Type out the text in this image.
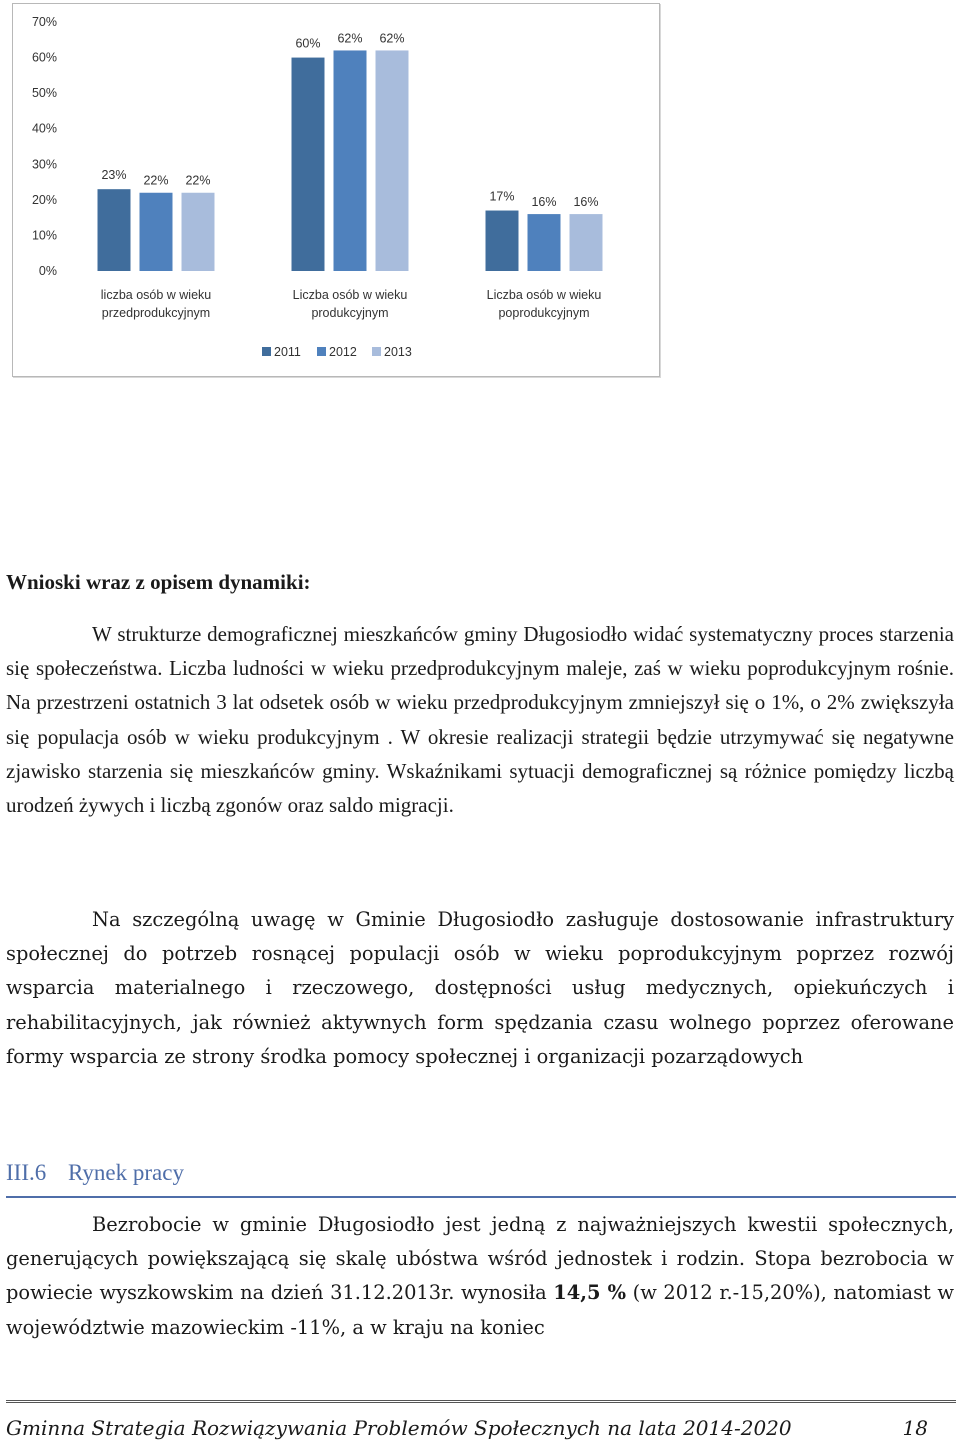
0%
10%
20%
30%
40%
50%
60%
70%
23% 22% 22%
liczba osób w wieku
przedprodukcyjnym
60% 62% 62%
Liczba osób w wieku
produkcyjnym
17% 16% 16%
Liczba osób w wieku
poprodukcyjnym
2011 2012 2013
Wnioski wraz z opisem dynamiki:

W strukturze demograficznej mieszkańców gminy Długosiodło widać systematyczny proces starzenia się społeczeństwa. Liczba ludności w wieku przedprodukcyjnym maleje, zaś w wieku poprodukcyjnym rośnie. Na przestrzeni ostatnich 3 lat odsetek osób w wieku przedprodukcyjnym zmniejszył się o 1%, o 2% zwiększyła się populacja osób w wieku produkcyjnym . W okresie realizacji strategii będzie utrzymywać się negatywne zjawisko starzenia się mieszkańców gminy. Wskaźnikami sytuacji demograficznej są różnice pomiędzy liczbą urodzeń żywych i liczbą zgonów oraz saldo migracji.

Na szczególną uwagę w Gminie Długosiodło zasługuje dostosowanie infrastruktury społecznej do potrzeb rosnącej populacji osób w wieku poprodukcyjnym poprzez rozwój wsparcia materialnego i rzeczowego, dostępności usług medycznych, opiekuńczych i rehabilitacyjnych, jak również aktywnych form spędzania czasu wolnego poprzez oferowane formy wsparcia ze strony środka pomocy społecznej i organizacji pozarządowych

III.6 Rynek pracy

Bezrobocie w gminie Długosiodło jest jedną z najważniejszych kwestii społecznych, generujących powiększającą się skalę ubóstwa wśród jednostek i rodzin. Stopa bezrobocia w powiecie wyszkowskim na dzień 31.12.2013r. wynosiła 14,5 % (w 2012 r.-15,20%), natomiast w województwie mazowieckim -11%, a w kraju na koniec

Gminna Strategia Rozwiązywania Problemów Społecznych na lata 2014-2020	18
